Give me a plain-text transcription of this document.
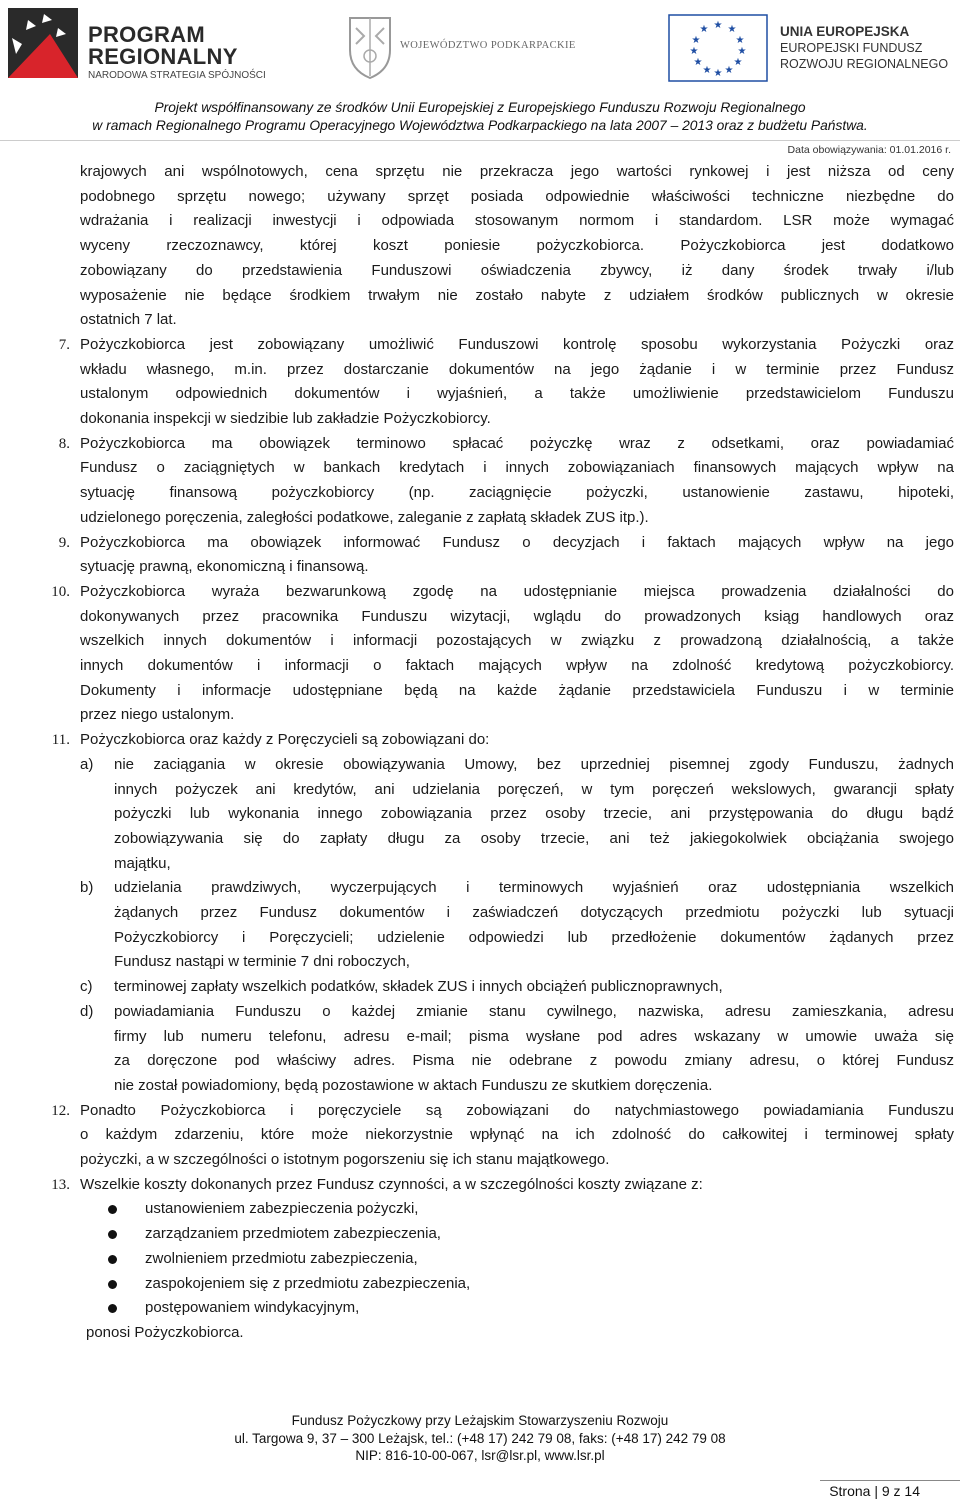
PROGRAM
REGIONALNY
NARODOWA STRATEGIA SPÓJNOŚCI
WOJEWÓDZTWO PODKARPACKIE
★ ★
★
★
★
★
★
★
★
★
★
★	UNIA EUROPEJSKA
EUROPEJSKI FUNDUSZ
ROZWOJU REGIONALNEGO
Projekt współfinansowany ze środków Unii Europejskiej z Europejskiego Funduszu Rozwoju Regionalnego
w ramach Regionalnego Programu Operacyjnego Województwa Podkarpackiego na lata 2007 – 2013 oraz z budżetu Państwa.
Data obowiązywania: 01.01.2016 r.
krajowych ani wspólnotowych, cena sprzętu nie przekracza jego wartości rynkowej i jest niższa od ceny
podobnego sprzętu nowego; używany sprzęt posiada odpowiednie właściwości techniczne niezbędne do
wdrażania i realizacji inwestycji i odpowiada stosowanym normom i standardom. LSR może wymagać
wyceny rzeczoznawcy, której koszt poniesie pożyczkobiorca. Pożyczkobiorca jest dodatkowo
zobowiązany do przedstawienia Funduszowi oświadczenia zbywcy, iż dany środek trwały i/lub
wyposażenie nie będące środkiem trwałym nie zostało nabyte z udziałem środków publicznych w okresie
ostatnich 7 lat.
7. Pożyczkobiorca jest zobowiązany umożliwić Funduszowi kontrolę sposobu wykorzystania Pożyczki oraz
wkładu własnego, m.in. przez dostarczanie dokumentów na jego żądanie i w terminie przez Fundusz
ustalonym odpowiednich dokumentów i wyjaśnień, a także umożliwienie przedstawicielom Funduszu
dokonania inspekcji w siedzibie lub zakładzie Pożyczkobiorcy.
8. Pożyczkobiorca ma obowiązek terminowo spłacać pożyczkę wraz z odsetkami, oraz powiadamiać
Fundusz o zaciągniętych w bankach kredytach i innych zobowiązaniach finansowych mających wpływ na
sytuację finansową pożyczkobiorcy (np. zaciągnięcie pożyczki, ustanowienie zastawu, hipoteki,
udzielonego poręczenia, zaległości podatkowe, zaleganie z zapłatą składek ZUS itp.).
9. Pożyczkobiorca ma obowiązek informować Fundusz o decyzjach i faktach mających wpływ na jego
sytuację prawną, ekonomiczną i finansową.
10. Pożyczkobiorca wyraża bezwarunkową zgodę na udostępnianie miejsca prowadzenia działalności do
dokonywanych przez pracownika Funduszu wizytacji, wglądu do prowadzonych ksiąg handlowych oraz
wszelkich innych dokumentów i informacji pozostających w związku z prowadzoną działalnością, a także
innych dokumentów i informacji o faktach mających wpływ na zdolność kredytową pożyczkobiorcy.
Dokumenty i informacje udostępniane będą na każde żądanie przedstawiciela Funduszu i w terminie
przez niego ustalonym.
11. Pożyczkobiorca oraz każdy z Poręczycieli są zobowiązani do:
a)	nie zaciągania w okresie obowiązywania Umowy, bez uprzedniej pisemnej zgody Funduszu, żadnych
innych pożyczek ani kredytów, ani udzielania poręczeń, w tym poręczeń wekslowych, gwarancji spłaty
pożyczki lub wykonania innego zobowiązania przez osoby trzecie, ani przystępowania do długu bądź
zobowiązywania się do zapłaty długu za osoby trzecie, ani też jakiegokolwiek obciążania swojego
majątku,
b)	udzielania prawdziwych, wyczerpujących i terminowych wyjaśnień oraz udostępniania wszelkich
żądanych przez Fundusz dokumentów i zaświadczeń dotyczących przedmiotu pożyczki lub sytuacji
Pożyczkobiorcy i Poręczycieli; udzielenie odpowiedzi lub przedłożenie dokumentów żądanych przez
Fundusz nastąpi w terminie 7 dni roboczych,
c)	terminowej zapłaty wszelkich podatków, składek ZUS i innych obciążeń publicznoprawnych,
d)	powiadamiania Funduszu o każdej zmianie stanu cywilnego, nazwiska, adresu zamieszkania, adresu
firmy lub numeru telefonu, adresu e-mail; pisma wysłane pod adres wskazany w umowie uważa się
za doręczone pod właściwy adres. Pisma nie odebrane z powodu zmiany adresu, o której Fundusz
nie został powiadomiony, będą pozostawione w aktach Funduszu ze skutkiem doręczenia.
12. Ponadto Pożyczkobiorca i poręczyciele są zobowiązani do natychmiastowego powiadamiania Funduszu
o każdym zdarzeniu, które może niekorzystnie wpłynąć na ich zdolność do całkowitej i terminowej spłaty
pożyczki, a w szczególności o istotnym pogorszeniu się ich stanu majątkowego.
13. Wszelkie koszty dokonanych przez Fundusz czynności, a w szczególności koszty związane z:
ustanowieniem zabezpieczenia pożyczki,
zarządzaniem przedmiotem zabezpieczenia,
zwolnieniem przedmiotu zabezpieczenia,
zaspokojeniem się z przedmiotu zabezpieczenia,
postępowaniem windykacyjnym,
ponosi Pożyczkobiorca.
Fundusz Pożyczkowy przy Leżajskim Stowarzyszeniu Rozwoju
ul. Targowa 9, 37 – 300 Leżajsk, tel.: (+48 17) 242 79 08, faks: (+48 17) 242 79 08
NIP: 816-10-00-067, lsr@lsr.pl, www.lsr.pl
Strona | 9 z 14
